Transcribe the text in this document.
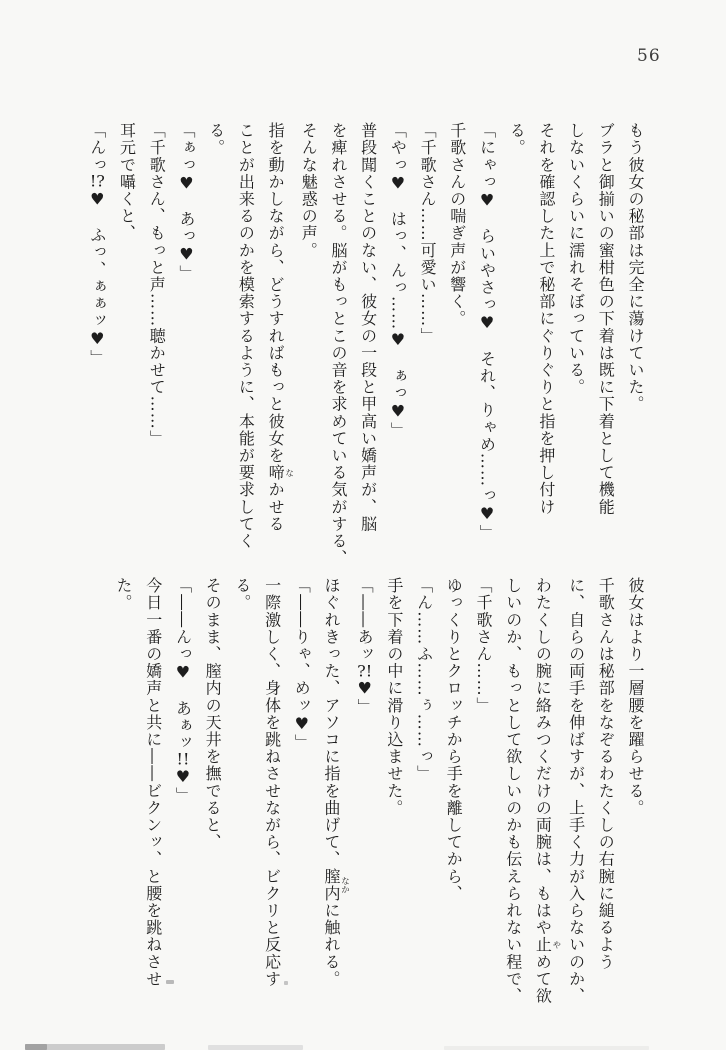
56

もう彼女の秘部は完全に蕩けていた。

ブラと御揃いの蜜柑色の下着は既に下着として機能

しないくらいに濡れそぼっている。

それを確認した上で秘部にぐりぐりと指を押し付け

る。

「にゃっ♥　らいやさっ♥　それ、りゃめ……っ♥」

千歌さんの喘ぎ声が響く。

「千歌さん……可愛い……」

「やっ♥　はっ、んっ……♥　ぁっ♥」

普段聞くことのない、彼女の一段と甲高い嬌声が、脳

を痺れさせる。脳がもっとこの音を求めている気がする、

そんな魅惑の声。

指を動かしながら、どうすればもっと彼女を啼なかせる

ことが出来るのかを模索するように、本能が要求してく

る。

「ぁっ♥　あっ♥」

「千歌さん、もっと声……聴かせて……」

耳元で囁くと、

「んっ!?♥　ふっ、ぁぁッ♥」

彼女はより一層腰を躍らせる。

千歌さんは秘部をなぞるわたくしの右腕に縋るよう

に、自らの両手を伸ばすが、上手く力が入らないのか、

わたくしの腕に絡みつくだけの両腕は、もはや止やめて欲

しいのか、もっとして欲しいのかも伝えられない程で、

「千歌さん……」

ゆっくりとクロッチから手を離してから、

「ん……ふ……ぅ……っ」

手を下着の中に滑り込ませた。

「――あッ?!♥」

ほぐれきった、アソコに指を曲げて、膣内なかに触れる。

「――りゃ、めッ♥」

一際激しく、身体を跳ねさせながら、ビクリと反応す

る。

そのまま、膣内の天井を撫でると、

「――んっ♥　あぁッ!!♥」

今日一番の嬌声と共に――ビクンッ、と腰を跳ねさせ

た。
